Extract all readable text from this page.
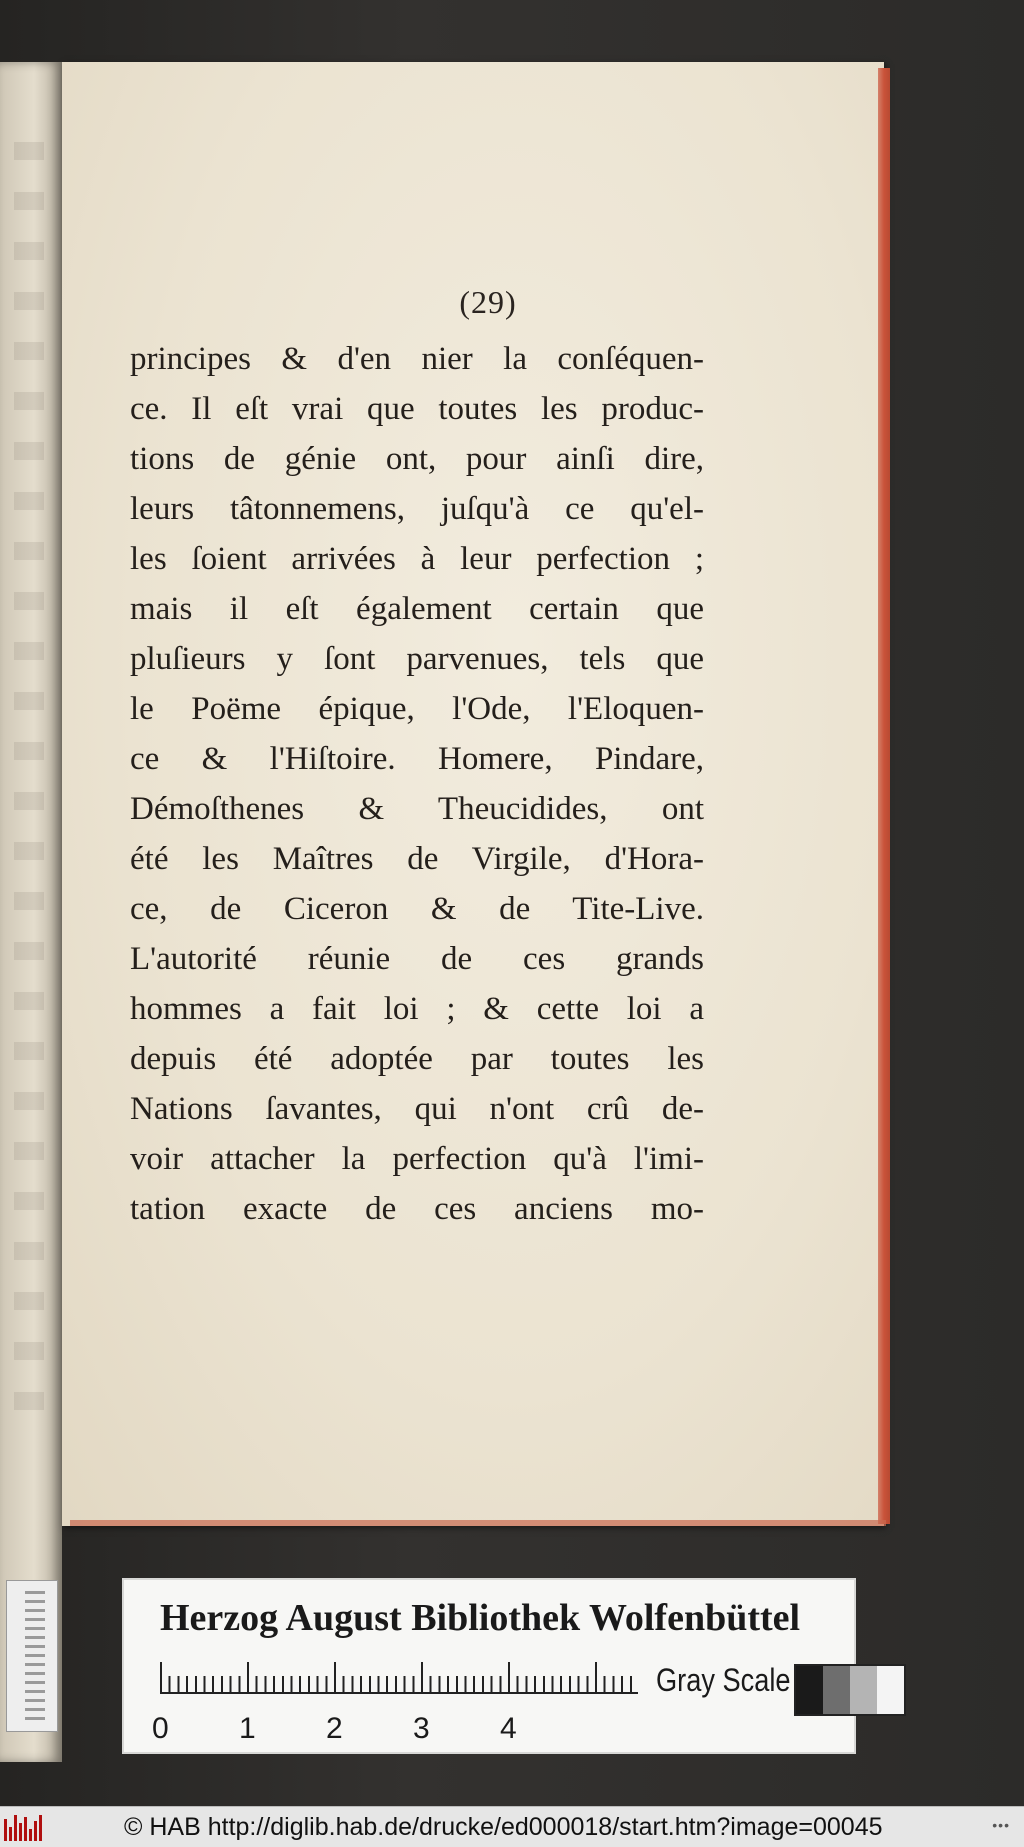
(29)
principes & d'en nier la conſéquen-
ce. Il eſt vrai que toutes les produc-
tions de génie ont, pour ainſi dire,
leurs tâtonnemens, juſqu'à ce qu'el-
les ſoient arrivées à leur perfection ;
mais il eſt également certain que
pluſieurs y ſont parvenues, tels que
le Poëme épique, l'Ode, l'Eloquen-
ce & l'Hiſtoire. Homere, Pindare,
Démoſthenes & Theucidides, ont
été les Maîtres de Virgile, d'Hora-
ce, de Ciceron & de Tite-Live.
L'autorité réunie de ces grands
hommes a fait loi ; & cette loi a
depuis été adoptée par toutes les
Nations ſavantes, qui n'ont crû de-
voir attacher la perfection qu'à l'imi-
tation exacte de ces anciens mo-
Herzog August Bibliothek Wolfenbüttel
0 1 2 3 4
Gray Scale
© HAB http://diglib.hab.de/drucke/ed000018/start.htm?image=00045	•••
